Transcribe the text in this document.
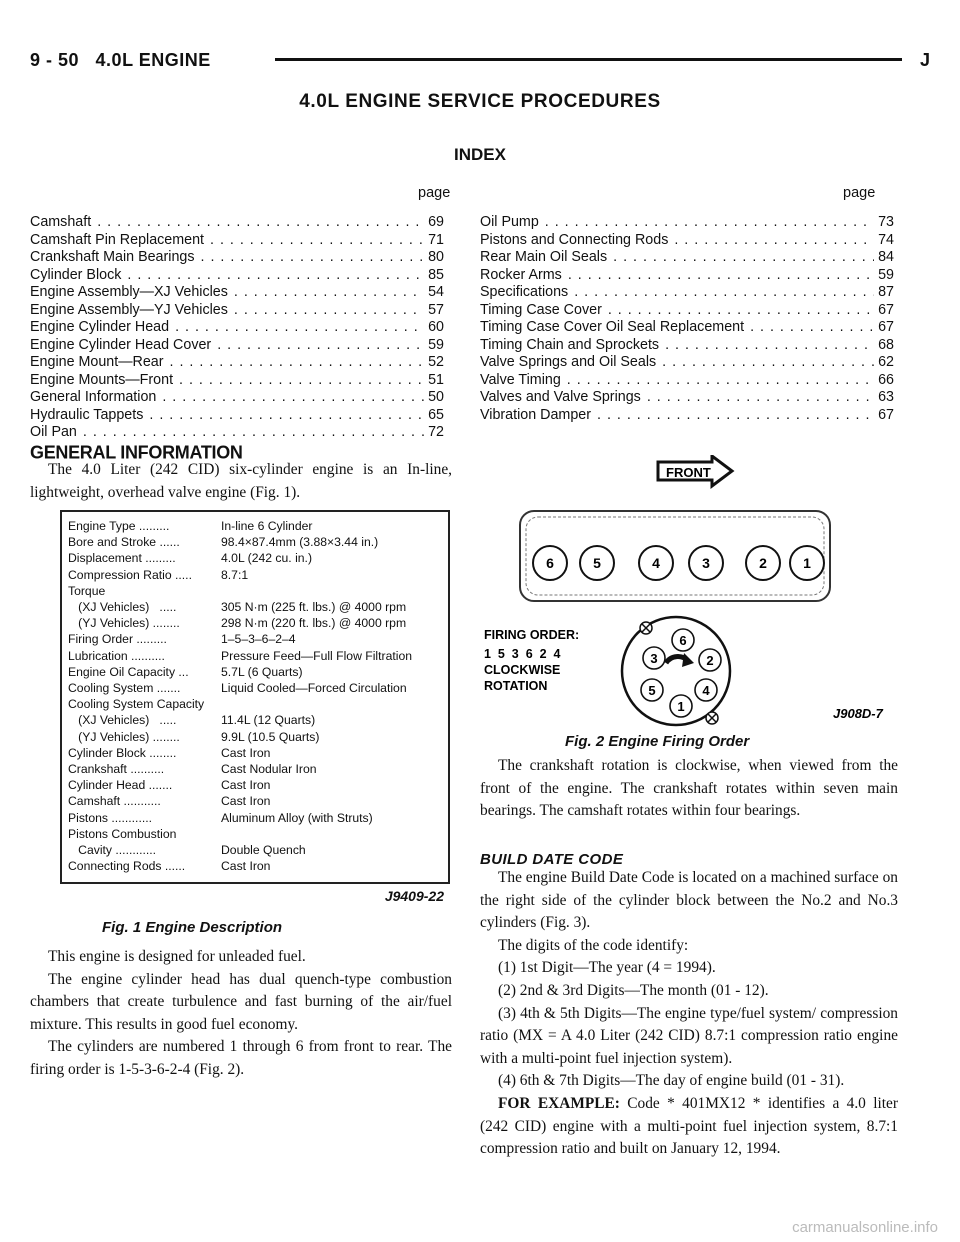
9 - 50 4.0L ENGINE	J
4.0L ENGINE SERVICE PROCEDURES
INDEX
page	page
Camshaft . . .	69
Camshaft Pin Replacement . . .	71
Crankshaft Main Bearings . . .	80
Cylinder Block . . .	85
Engine Assembly—XJ Vehicles . . .	54
Engine Assembly—YJ Vehicles . . .	57
Engine Cylinder Head . . .	60
Engine Cylinder Head Cover . . .	59
Engine Mount—Rear . . .	52
Engine Mounts—Front . . .	51
General Information . . .	50
Hydraulic Tappets . . .	65
Oil Pan . . .	72
Oil Pump . . .	73
Pistons and Connecting Rods . . .	74
Rear Main Oil Seals . . .	84
Rocker Arms . . .	59
Specifications . . .	87
Timing Case Cover . . .	67
Timing Case Cover Oil Seal Replacement . . .	67
Timing Chain and Sprockets . . .	68
Valve Springs and Oil Seals . . .	62
Valve Timing . . .	66
Valves and Valve Springs . . .	63
Vibration Damper . . .	67
GENERAL INFORMATION

The 4.0 Liter (242 CID) six-cylinder engine is an In-line, lightweight, overhead valve engine (Fig. 1).

Engine Type .........	In-line 6 Cylinder
Bore and Stroke ......	98.4×87.4mm (3.88×3.44 in.)
Displacement .........	4.0L (242 cu. in.)
Compression Ratio .....	8.7:1
Torque	
(XJ Vehicles)   .....	305 N·m (225 ft. lbs.) @ 4000 rpm
(YJ Vehicles) ........	298 N·m (220 ft. lbs.) @ 4000 rpm
Firing Order .........	1–5–3–6–2–4
Lubrication ..........	Pressure Feed—Full Flow Filtration
Engine Oil Capacity ...	5.7L (6 Quarts)
Cooling System .......	Liquid Cooled—Forced Circulation
Cooling System Capacity	
(XJ Vehicles)   .....	11.4L (12 Quarts)
(YJ Vehicles) ........	9.9L (10.5 Quarts)
Cylinder Block ........	Cast Iron
Crankshaft ..........	Cast Nodular Iron
Cylinder Head .......	Cast Iron
Camshaft ...........	Cast Iron
Pistons ............	Aluminum Alloy (with Struts)
Pistons Combustion	
Cavity ............	Double Quench
Connecting Rods ......	Cast Iron
J9409-22
Fig. 1 Engine Description

This engine is designed for unleaded fuel.

The engine cylinder head has dual quench-type combustion chambers that create turbulence and fast burning of the air/fuel mixture. This results in good fuel economy.

The cylinders are numbered 1 through 6 from front to rear. The firing order is 1-5-3-6-2-4 (Fig. 2).

FRONT
6	5	4	3	2	1
FIRING ORDER:
1  5  3  6  2  4
CLOCKWISE
ROTATION
6
2
4
1
5
3
J908D-7
Fig. 2 Engine Firing Order

The crankshaft rotation is clockwise, when viewed from the front of the engine. The crankshaft rotates within seven main bearings. The camshaft rotates within four bearings.

BUILD DATE CODE

The engine Build Date Code is located on a machined surface on the right side of the cylinder block between the No.2 and No.3 cylinders (Fig. 3).

The digits of the code identify:

(1) 1st Digit—The year (4 = 1994).

(2) 2nd & 3rd Digits—The month (01 - 12).

(3) 4th & 5th Digits—The engine type/fuel system/ compression ratio (MX = A 4.0 Liter (242 CID) 8.7:1 compression ratio engine with a multi-point fuel injection system).

(4) 6th & 7th Digits—The day of engine build (01 - 31).

FOR EXAMPLE: Code * 401MX12 * identifies a 4.0 liter (242 CID) engine with a multi-point fuel injection system, 8.7:1 compression ratio and built on January 12, 1994.

carmanualsonline.info
